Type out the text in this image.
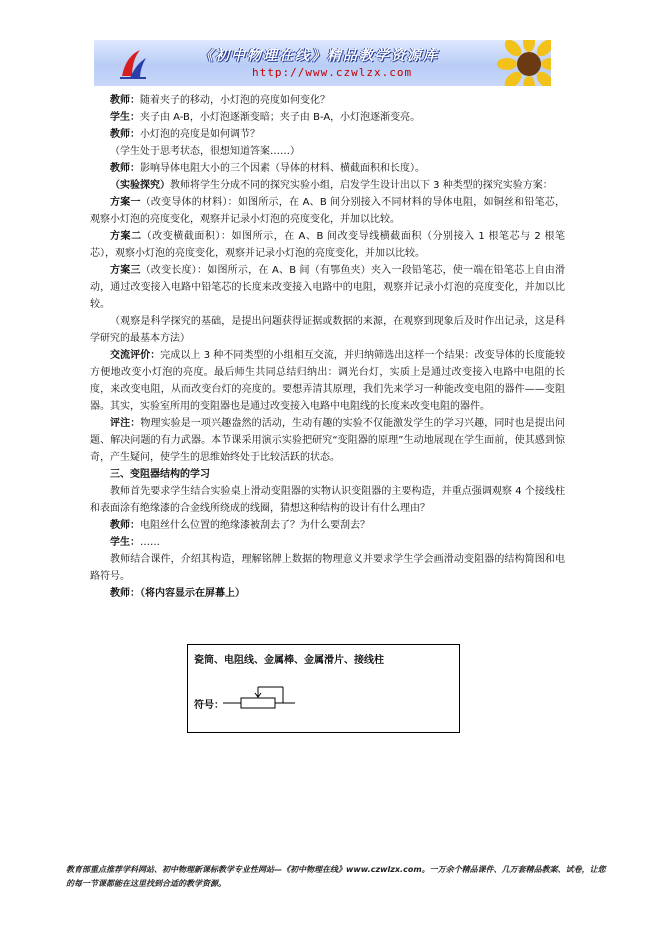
《初中物理在线》精品教学资源库
http://www.czwlzx.com

教师：随着夹子的移动，小灯泡的亮度如何变化？

学生：夹子由 A-B，小灯泡逐渐变暗；夹子由 B-A，小灯泡逐渐变亮。

教师：小灯泡的亮度是如何调节？

（学生处于思考状态，很想知道答案……）

教师：影响导体电阻大小的三个因素（导体的材料、横截面积和长度）。

（实验探究）教师将学生分成不同的探究实验小组，启发学生设计出以下 3 种类型的探究实验方案：

方案一（改变导体的材料）：如图所示，在 A、B 间分别接入不同材料的导体电阻，如铜丝和铅笔芯，观察小灯泡的亮度变化，观察并记录小灯泡的亮度变化，并加以比较。

方案二（改变横截面积）：如图所示，在 A、B 间改变导线横截面积（分别接入 1 根笔芯与 2 根笔芯），观察小灯泡的亮度变化，观察并记录小灯泡的亮度变化，并加以比较。

方案三（改变长度）：如图所示，在 A、B 间（有鄂鱼夹）夹入一段铅笔芯，使一端在铅笔芯上自由滑动，通过改变接入电路中铅笔芯的长度来改变接入电路中的电阻，观察并记录小灯泡的亮度变化，并加以比较。

（观察是科学探究的基础，是提出问题获得证据或数据的来源，在观察到现象后及时作出记录，这是科学研究的最基本方法）

交流评价：完成以上 3 种不同类型的小组相互交流，并归纳筛选出这样一个结果：改变导体的长度能较方便地改变小灯泡的亮度。最后师生共同总结归纳出：调光台灯，实质上是通过改变接入电路中电阻的长度，来改变电阻，从而改变台灯的亮度的。要想弄清其原理，我们先来学习一种能改变电阻的器件——变阻器。其实，实验室所用的变阻器也是通过改变接入电路中电阻线的长度来改变电阻的器件。

评注：物理实验是一项兴趣盎然的活动，生动有趣的实验不仅能激发学生的学习兴趣，同时也是提出问题、解决问题的有力武器。本节课采用演示实验把研究“变阻器的原理”生动地展现在学生面前，使其感到惊奇，产生疑问，使学生的思维始终处于比较活跃的状态。

三、变阻器结构的学习

教师首先要求学生结合实验桌上滑动变阻器的实物认识变阻器的主要构造，并重点强调观察 4 个接线柱和表面涂有绝缘漆的合金线所绕成的线圈，猜想这种结构的设计有什么理由？

教师：电阻丝什么位置的绝缘漆被刮去了？为什么要刮去？

学生：……

教师结合课件，介绍其构造，理解铭牌上数据的物理意义并要求学生学会画滑动变阻器的结构简图和电路符号。

教师：（将内容显示在屏幕上）

瓷筒、电阻线、金属棒、金属滑片、接线柱
符号：
教育部重点推荐学科网站、初中物理新课标教学专业性网站—《初中物理在线》www.czwlzx.com。一万余个精品课件、几万套精品教案、试卷，让您的每一节课都能在这里找到合适的教学资源。
